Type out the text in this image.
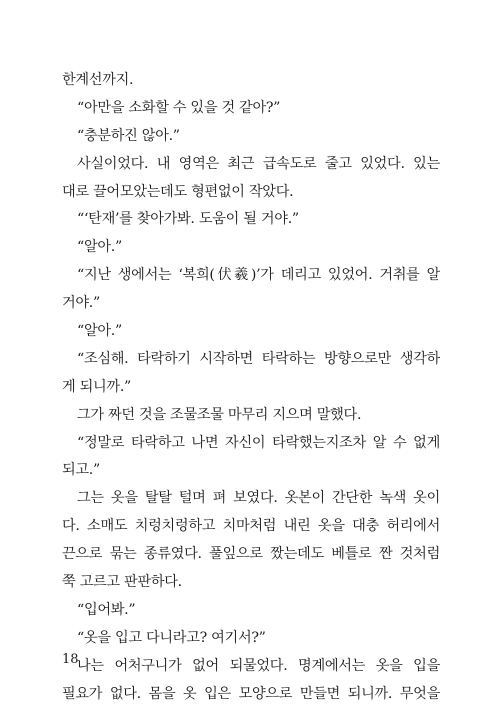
한계선까지.
“아만을 소화할 수 있을 것 같아?”
“충분하진 않아.”
사실이었다. 내 영역은 최근 급속도로 줄고 있었다. 있는
대로 끌어모았는데도 형편없이 작았다.
“‘탄재’를 찾아가봐. 도움이 될 거야.”
“알아.”
“지난 생에서는 ‘복희(伏羲)’가 데리고 있었어. 거취를 알
거야.”
“알아.”
“조심해. 타락하기 시작하면 타락하는 방향으로만 생각하
게 되니까.”
그가 짜던 것을 조물조물 마무리 지으며 말했다.
“정말로 타락하고 나면 자신이 타락했는지조차 알 수 없게
되고.”
그는 옷을 탈탈 털며 펴 보였다. 옷본이 간단한 녹색 옷이
다. 소매도 치렁치렁하고 치마처럼 내린 옷을 대충 허리에서
끈으로 묶는 종류였다. 풀잎으로 짰는데도 베틀로 짠 것처럼
쭉 고르고 판판하다.
“입어봐.”
“옷을 입고 다니라고? 여기서?”
나는 어처구니가 없어 되물었다. 명계에서는 옷을 입을
필요가 없다. 몸을 옷 입은 모양으로 만들면 되니까. 무엇을
18
